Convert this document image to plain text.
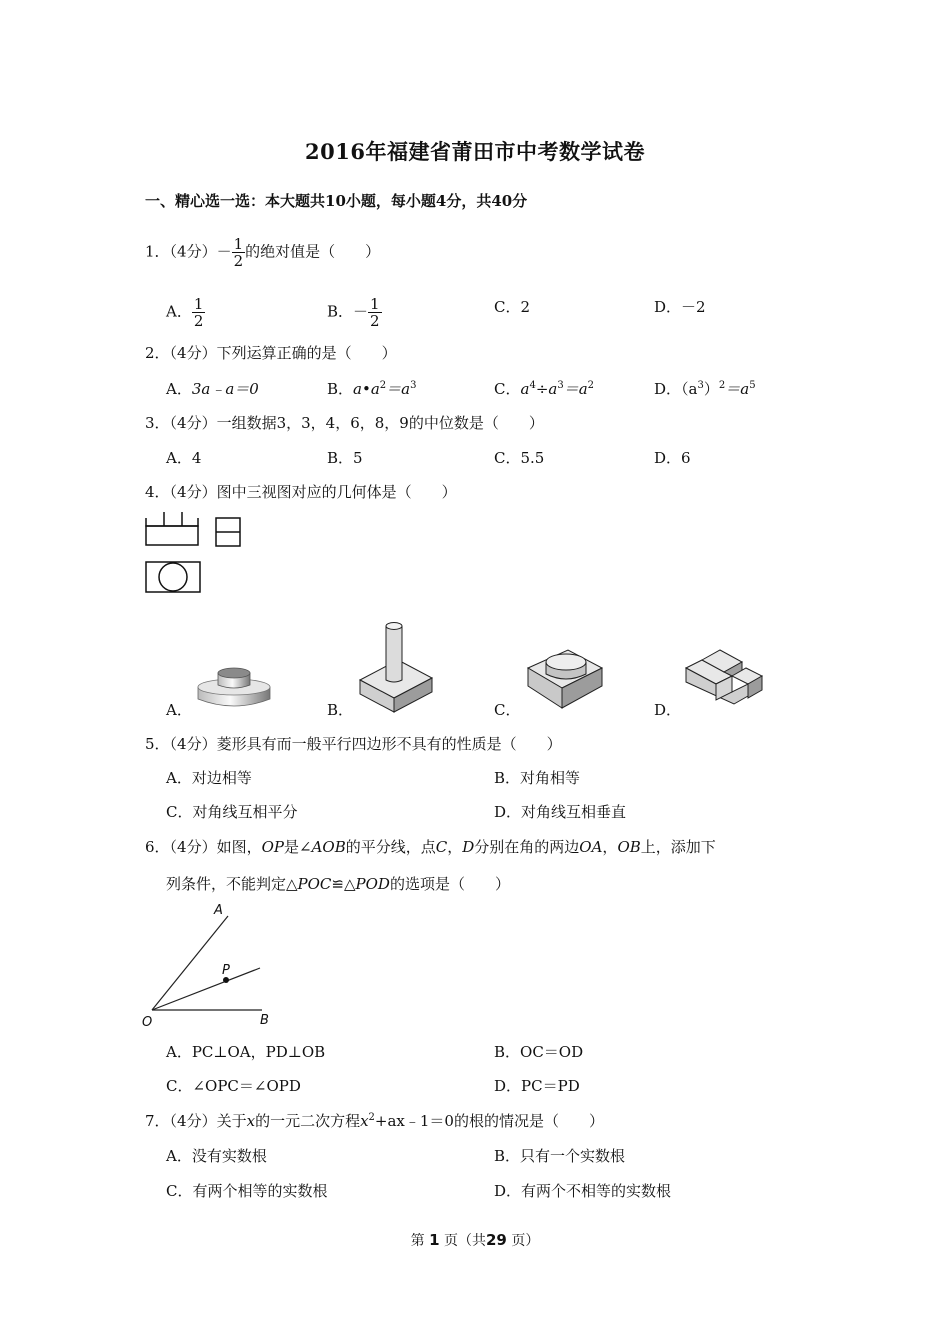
2016年福建省莆田市中考数学试卷
一、精心选一选：本大题共10小题，每小题4分，共40分
1．（4分）－ $\frac{1}{2}$ 的绝对值是（　　）
A． $\frac{1}{2}$	B．－ $\frac{1}{2}$	C．2	D．－2
2．（4分）下列运算正确的是（　　）
A．3a﹣a＝0	B．$a•a^2=a^3$	C．$a^4\div a^3=a^2$	D．$(a^3)^2=a^5$
3．（4分）一组数据3，3，4，6，8，9的中位数是（　　）
A．4	B．5	C．5.5	D．6
4．（4分）图中三视图对应的几何体是（　　）
A．	B．	C．	D．
5．（4分）菱形具有而一般平行四边形不具有的性质是（　　）
A．对边相等	B．对角相等
C．对角线互相平分	D．对角线互相垂直
6．（4分）如图，OP是∠AOB的平分线，点C，D分别在角的两边OA，OB上，添加下
列条件，不能判定△POC≌△POD的选项是（　　）
A
P
O	B
A．PC⊥OA，PD⊥OB	B．OC＝OD
C．∠OPC＝∠OPD	D．PC＝PD
7．（4分）关于x的一元二次方程$x^2+ax﹣1=0$的根的情况是（　　）
A．没有实数根	B．只有一个实数根
C．有两个相等的实数根	D．有两个不相等的实数根
第 1 页（共29 页）
